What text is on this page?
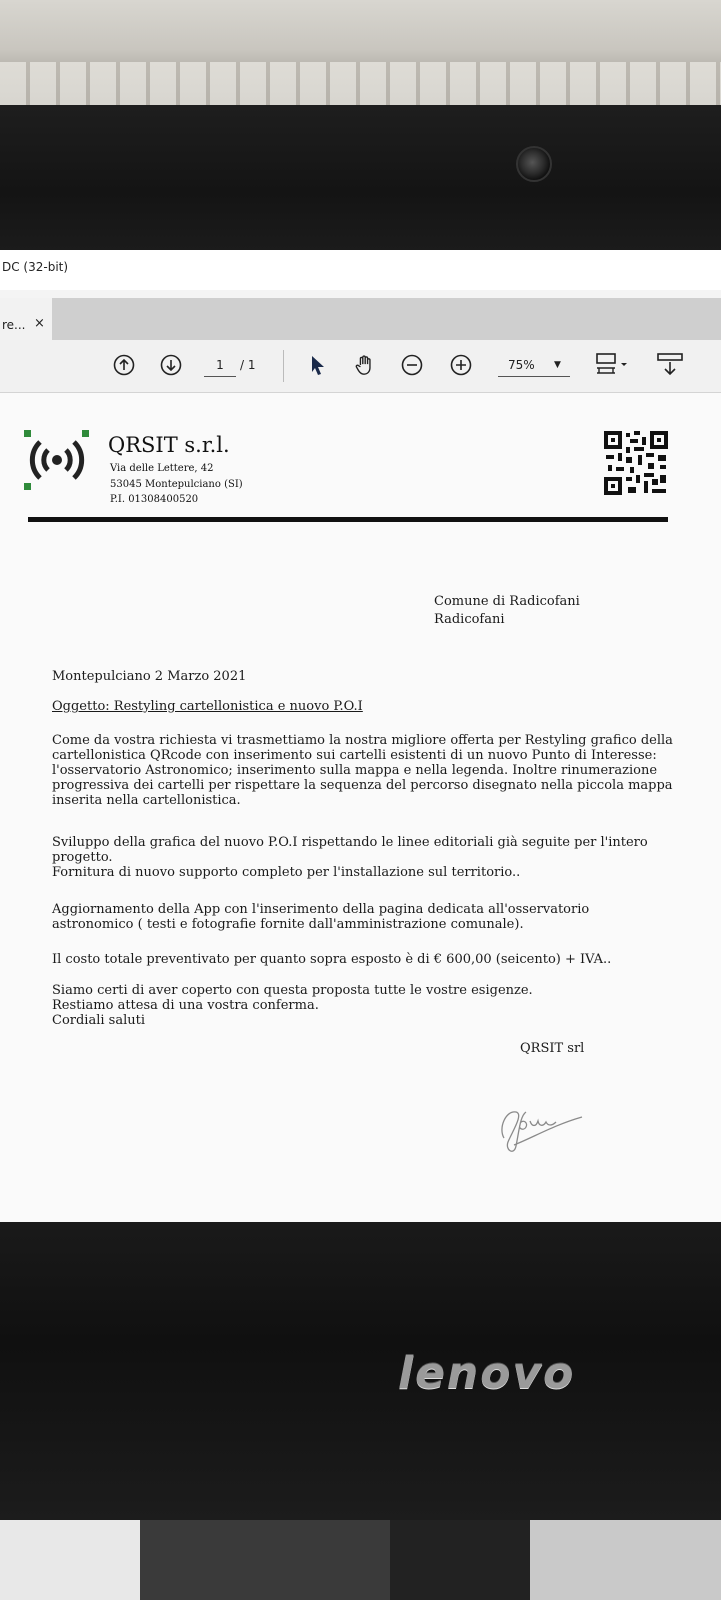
DC (32-bit)
re... ×
1	/ 1	75% ▼
QRSIT s.r.l.
Via delle Lettere, 42
53045 Montepulciano (SI)
P.I. 01308400520
Comune di Radicofani
Radicofani
Montepulciano 2 Marzo 2021
Oggetto: Restyling cartellonistica e nuovo P.O.I
Come da vostra richiesta vi trasmettiamo la nostra migliore offerta per Restyling grafico della
cartellonistica QRcode con inserimento sui cartelli esistenti di un nuovo Punto di Interesse:
l'osservatorio Astronomico; inserimento sulla mappa e nella legenda. Inoltre rinumerazione
progressiva dei cartelli per rispettare la sequenza del percorso disegnato nella piccola mappa
inserita nella cartellonistica.
Sviluppo della grafica del nuovo P.O.I rispettando le linee editoriali già seguite per l'intero
progetto.
Fornitura di nuovo supporto completo per l'installazione sul territorio..
Aggiornamento della App con l'inserimento della pagina dedicata all'osservatorio
astronomico ( testi e fotografie fornite dall'amministrazione comunale).
Il costo totale preventivato per quanto sopra esposto è di € 600,00 (seicento) + IVA..
Siamo certi di aver coperto con questa proposta tutte le vostre esigenze.
Restiamo attesa di una vostra conferma.
Cordiali saluti
QRSIT srl
lenovo
